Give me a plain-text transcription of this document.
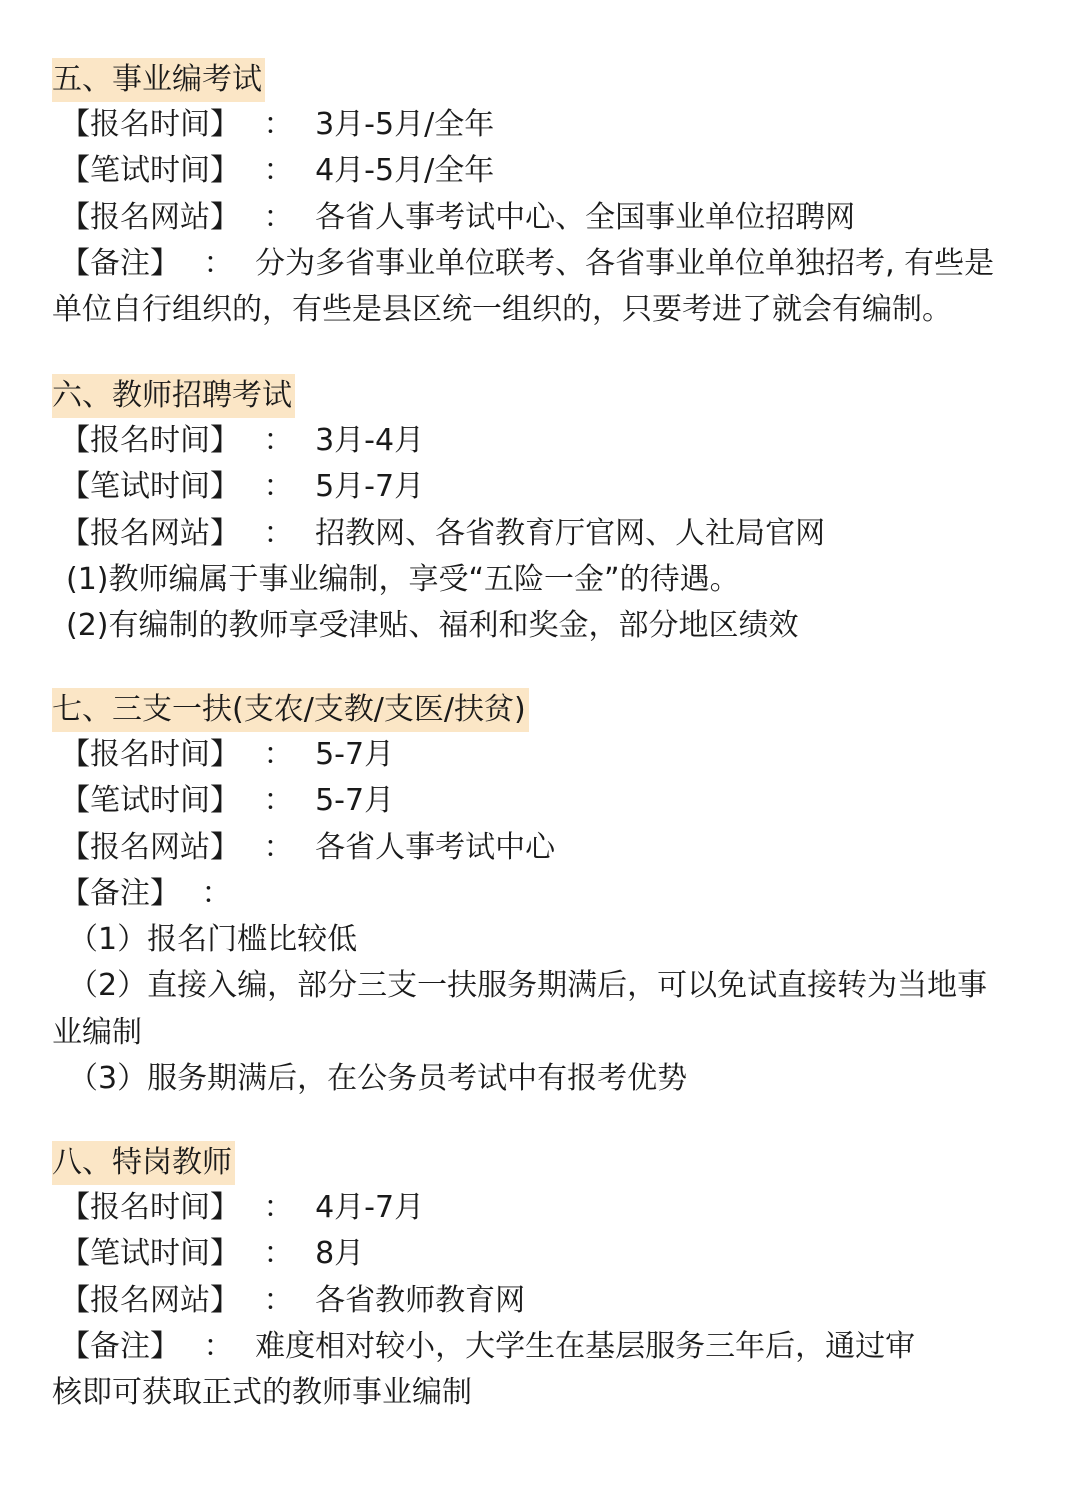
五、事业编考试
【报名时间】 ： 3月-5月/全年
【笔试时间】 ： 4月-5月/全年
【报名网站】 ： 各省人事考试中心、全国事业单位招聘网
【备注】 ： 分为多省事业单位联考、各省事业单位单独招考, 有些是
单位自行组织的，有些是县区统一组织的，只要考进了就会有编制。
六、教师招聘考试
【报名时间】 ： 3月-4月
【笔试时间】 ： 5月-7月
【报名网站】 ： 招教网、各省教育厅官网、人社局官网
(1)教师编属于事业编制，享受“五险一金”的待遇。
(2)有编制的教师享受津贴、福利和奖金，部分地区绩效
七、三支一扶(支农/支教/支医/扶贫)
【报名时间】 ： 5-7月
【笔试时间】 ： 5-7月
【报名网站】 ： 各省人事考试中心
【备注】 ：
（1）报名门槛比较低
（2）直接入编，部分三支一扶服务期满后，可以免试直接转为当地事
业编制
（3）服务期满后，在公务员考试中有报考优势
八、特岗教师
【报名时间】 ： 4月-7月
【笔试时间】 ： 8月
【报名网站】 ： 各省教师教育网
【备注】 ： 难度相对较小，大学生在基层服务三年后，通过审
核即可获取正式的教师事业编制
